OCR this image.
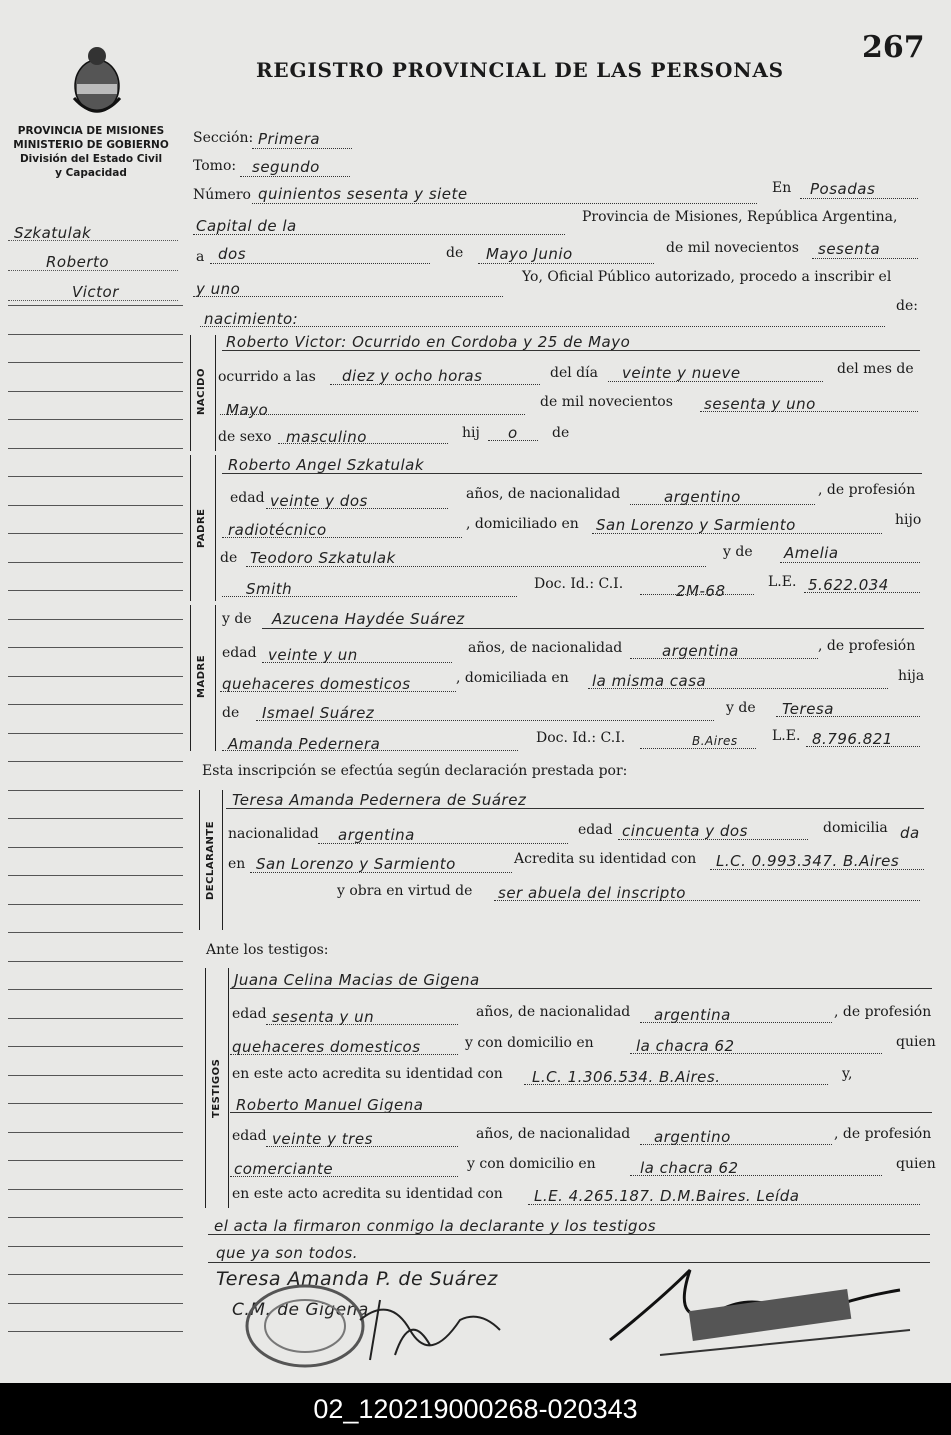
REGISTRO PROVINCIAL DE LAS PERSONAS
267
PROVINCIA DE MISIONES
MINISTERIO DE GOBIERNO
División del Estado Civil
y Capacidad
Szkatulak
Roberto
Victor
Sección: Primera
Tomo: segundo
Número quinientos sesenta y siete	En Posadas
Capital de la	Provincia de Misiones, República Argentina,
a dos	de Mayo Junio	de mil novecientos sesenta
y uno
Yo, Oficial Público autorizado, procedo a inscribir el
nacimiento:
de:
NACIDO
Roberto Victor: Ocurrido en Cordoba y 25 de Mayo
ocurrido a las diez y ocho horas	del día veinte y nueve	del mes de
Mayo	de mil novecientos sesenta y uno
de sexo masculino	hij o de
PADRE
Roberto Angel Szkatulak
edad veinte y dos	años, de nacionalidad	argentino	, de profesión
radiotécnico	, domiciliado en San Lorenzo y Sarmiento	hijo
de Teodoro Szkatulak	y de Amelia
Smith	Doc. Id.: C.I.	2M-68	L.E. 5.622.034
MADRE
y de Azucena Haydée Suárez
edad veinte y un	años, de nacionalidad	argentina	, de profesión
quehaceres domesticos	, domiciliada en la misma casa	hija
de Ismael Suárez	y de Teresa
Amanda Pedernera	Doc. Id.: C.I.	B.Aires L.E. 8.796.821
Esta inscripción se efectúa según declaración prestada por:
DECLARANTE
Teresa Amanda Pedernera de Suárez
nacionalidad argentina	edad cincuenta y dos	domicilia da
en San Lorenzo y Sarmiento	Acredita su identidad con L.C. 0.993.347. B.Aires
y obra en virtud de ser abuela del inscripto
Ante los testigos:
TESTIGOS
Juana Celina Macias de Gigena
edad sesenta y un	años, de nacionalidad argentina	, de profesión
quehaceres domesticos	y con domicilio en	la chacra 62	quien
en este acto acredita su identidad con L.C. 1.306.534. B.Aires.	y,
Roberto Manuel Gigena
edad veinte y tres	años, de nacionalidad argentino	, de profesión
comerciante	y con domicilio en	la chacra 62	quien
en este acto acredita su identidad con L.E. 4.265.187. D.M.Baires. Leída
el acta la firmaron conmigo la declarante y los testigos
que ya son todos.
Teresa Amanda P. de Suárez
C.M. de Gigena
02_120219000268-020343
